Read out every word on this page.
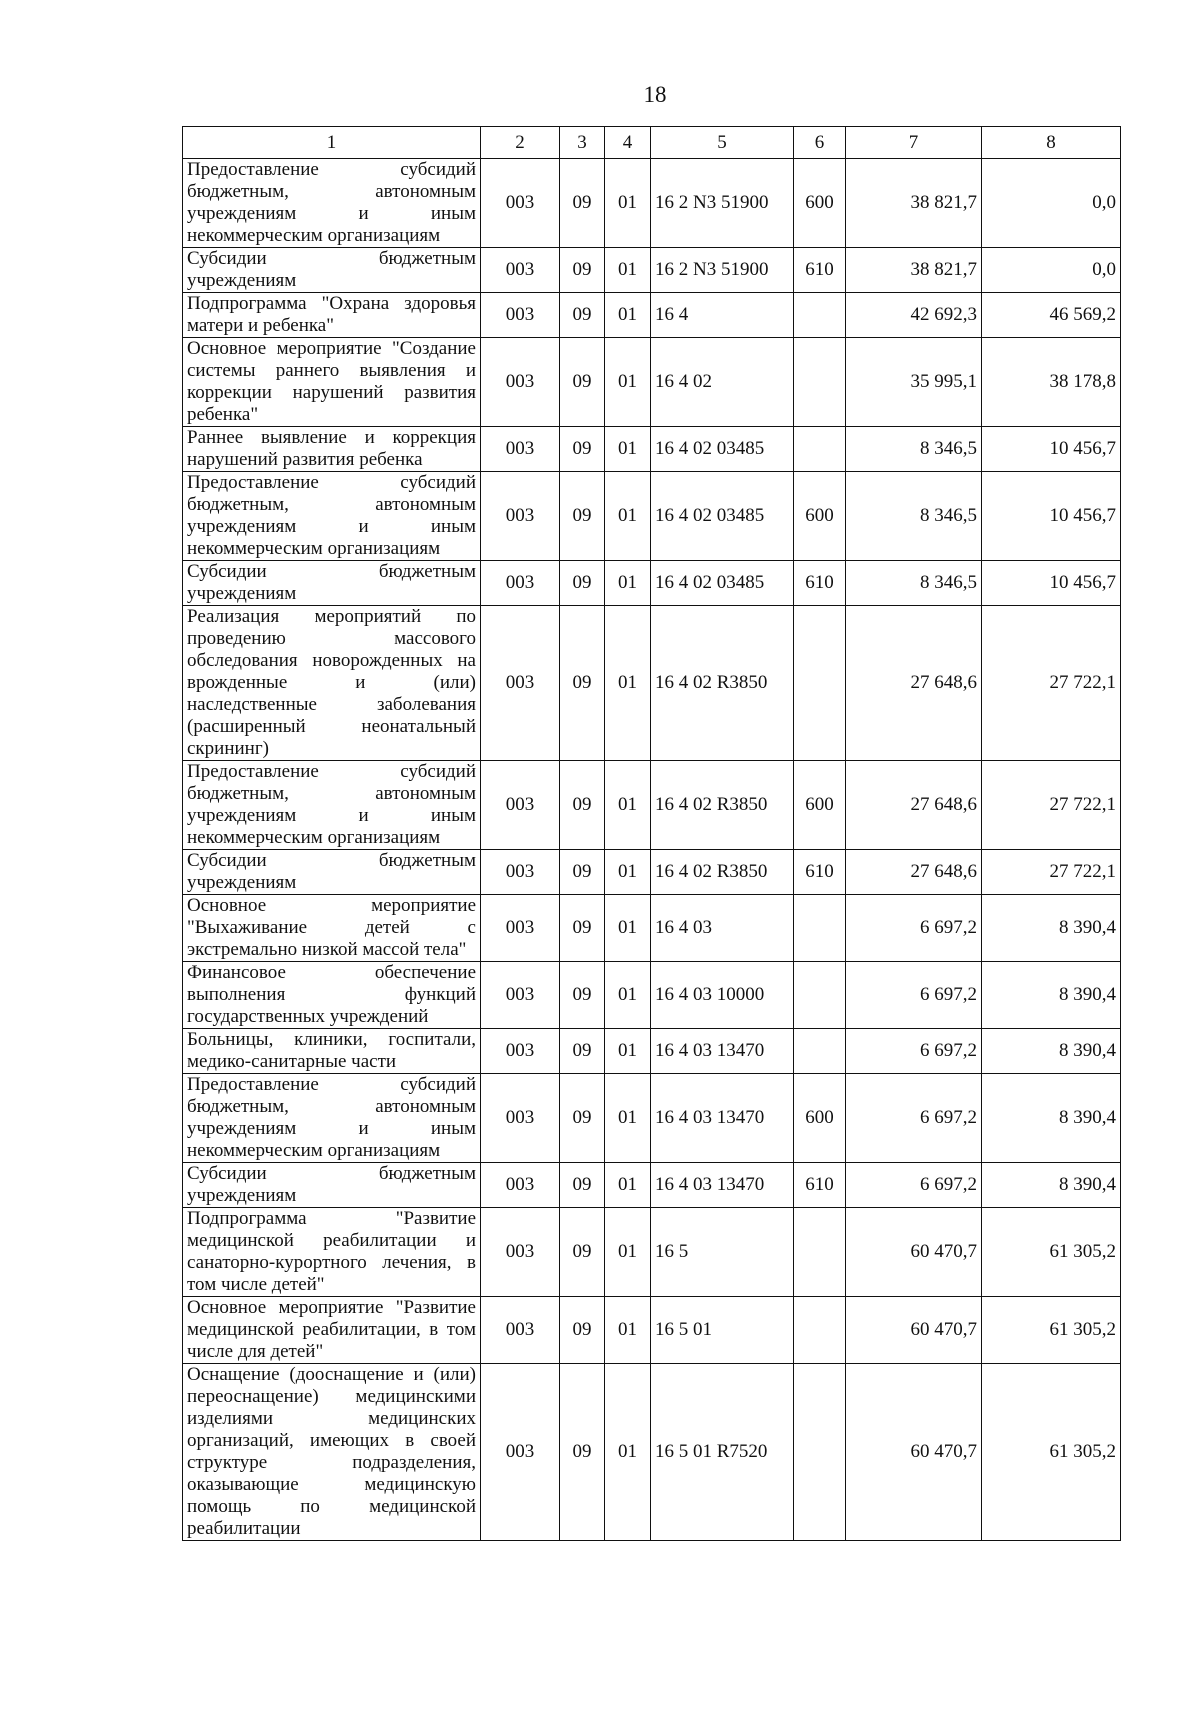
18
1	2	3	4	5	6	7	8
Предоставление субсидий бюджетным, автономным учреждениям и иным некоммерческим организациям	003	09	01	16 2 N3 51900	600	38 821,7	0,0
Субсидии бюджетным учреждениям	003	09	01	16 2 N3 51900	610	38 821,7	0,0
Подпрограмма "Охрана здоровья матери и ребенка"	003	09	01	16 4		42 692,3	46 569,2
Основное мероприятие "Создание системы раннего выявления и коррекции нарушений развития ребенка"	003	09	01	16 4 02		35 995,1	38 178,8
Раннее выявление и коррекция нарушений развития ребенка	003	09	01	16 4 02 03485		8 346,5	10 456,7
Предоставление субсидий бюджетным, автономным учреждениям и иным некоммерческим организациям	003	09	01	16 4 02 03485	600	8 346,5	10 456,7
Субсидии бюджетным учреждениям	003	09	01	16 4 02 03485	610	8 346,5	10 456,7
Реализация мероприятий по проведению массового обследования новорожденных на врожденные и (или) наследственные заболевания (расширенный неонатальный скрининг)	003	09	01	16 4 02 R3850		27 648,6	27 722,1
Предоставление субсидий бюджетным, автономным учреждениям и иным некоммерческим организациям	003	09	01	16 4 02 R3850	600	27 648,6	27 722,1
Субсидии бюджетным учреждениям	003	09	01	16 4 02 R3850	610	27 648,6	27 722,1
Основное мероприятие "Выхаживание детей с экстремально низкой массой тела"	003	09	01	16 4 03		6 697,2	8 390,4
Финансовое обеспечение выполнения функций государственных учреждений	003	09	01	16 4 03 10000		6 697,2	8 390,4
Больницы, клиники, госпитали, медико-санитарные части	003	09	01	16 4 03 13470		6 697,2	8 390,4
Предоставление субсидий бюджетным, автономным учреждениям и иным некоммерческим организациям	003	09	01	16 4 03 13470	600	6 697,2	8 390,4
Субсидии бюджетным учреждениям	003	09	01	16 4 03 13470	610	6 697,2	8 390,4
Подпрограмма "Развитие медицинской реабилитации и санаторно-курортного лечения, в том числе детей"	003	09	01	16 5		60 470,7	61 305,2
Основное мероприятие "Развитие медицинской реабилитации, в том числе для детей"	003	09	01	16 5 01		60 470,7	61 305,2
Оснащение (дооснащение и (или) переоснащение) медицинскими изделиями медицинских организаций, имеющих в своей структуре подразделения, оказывающие медицинскую помощь по медицинской реабилитации	003	09	01	16 5 01 R7520		60 470,7	61 305,2
